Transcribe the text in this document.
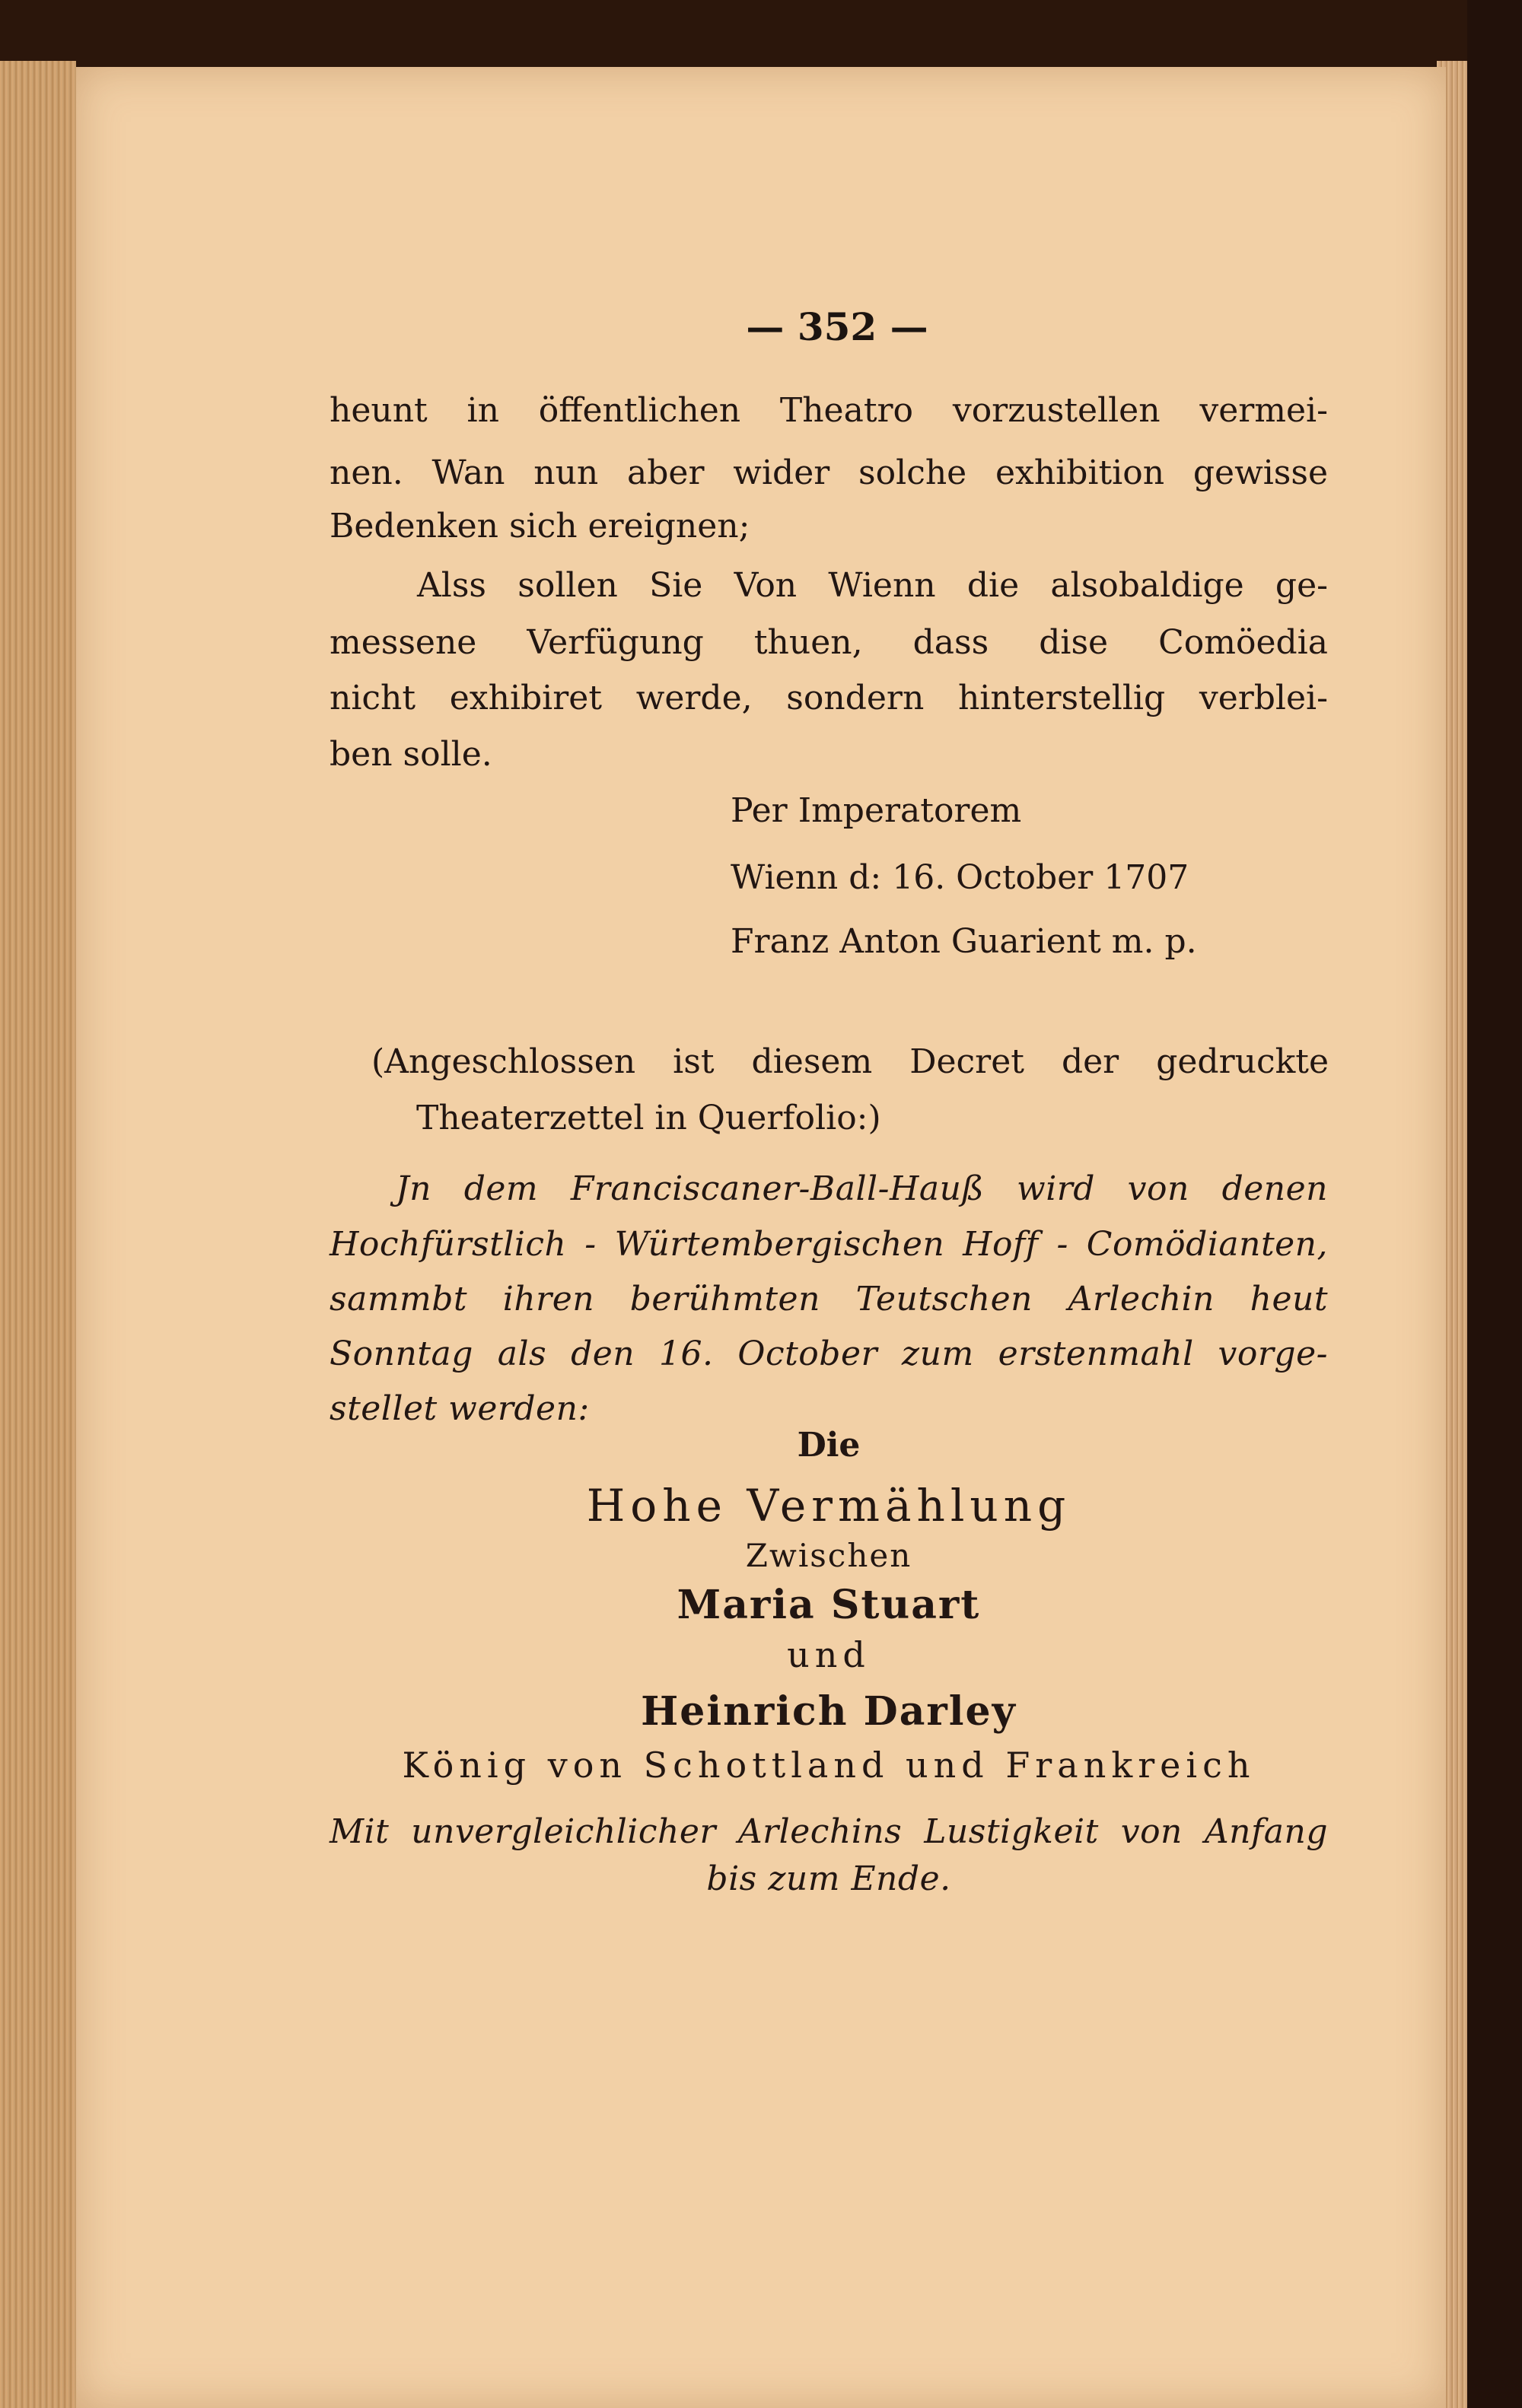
— 352 —
heunt in öffentlichen Theatro vorzustellen vermei-
nen. Wan nun aber wider solche exhibition gewisse
Bedenken sich ereignen;
Alss sollen Sie Von Wienn die alsobaldige ge-
messene Verfügung thuen, dass dise Comöedia
nicht exhibiret werde, sondern hinterstellig verblei-
ben solle.
Per Imperatorem
Wienn d: 16. October 1707
Franz Anton Guarient m. p.
(Angeschlossen ist diesem Decret der gedruckte
Theaterzettel in Querfolio:)
Jn dem Franciscaner-Ball-Hauß wird von denen
Hochfürstlich - Würtembergischen Hoff - Comödianten,
sammbt ihren berühmten Teutschen Arlechin heut
Sonntag als den 16. October zum erstenmahl vorge-
stellet werden:
Die
Hohe Vermählung
Zwischen
Maria Stuart
und
Heinrich Darley
König von Schottland und Frankreich
Mit unvergleichlicher Arlechins Lustigkeit von Anfang
bis zum Ende.
